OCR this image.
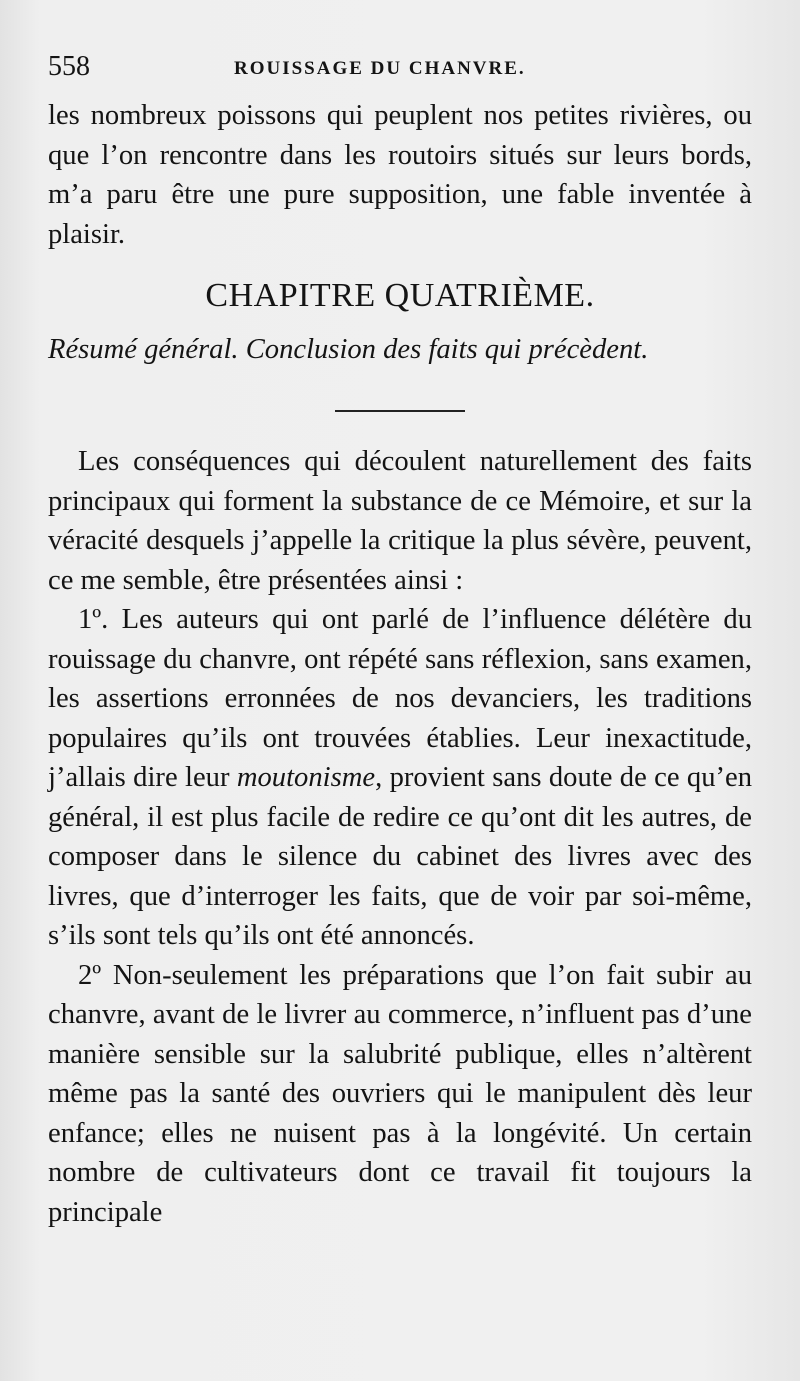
558	ROUISSAGE DU CHANVRE.

les nombreux poissons qui peuplent nos petites rivières, ou que l’on rencontre dans les routoirs situés sur leurs bords, m’a paru être une pure supposition, une fable inventée à plaisir.

CHAPITRE QUATRIÈME.
Résumé général. Conclusion des faits qui précèdent.

Les conséquences qui découlent naturellement des faits principaux qui forment la substance de ce Mémoire, et sur la véracité desquels j’appelle la critique la plus sévère, peuvent, ce me semble, être présentées ainsi :

1º. Les auteurs qui ont parlé de l’influence délétère du rouissage du chanvre, ont répété sans réflexion, sans examen, les assertions erronnées de nos devanciers, les traditions populaires qu’ils ont trouvées établies. Leur inexactitude, j’allais dire leur moutonisme, provient sans doute de ce qu’en général, il est plus facile de redire ce qu’ont dit les autres, de composer dans le silence du cabinet des livres avec des livres, que d’interroger les faits, que de voir par soi-même, s’ils sont tels qu’ils ont été annoncés.

2º Non-seulement les préparations que l’on fait subir au chanvre, avant de le livrer au commerce, n’influent pas d’une manière sensible sur la salubrité publique, elles n’altèrent même pas la santé des ouvriers qui le manipulent dès leur enfance; elles ne nuisent pas à la longévité. Un certain nombre de cultivateurs dont ce travail fit toujours la principale
